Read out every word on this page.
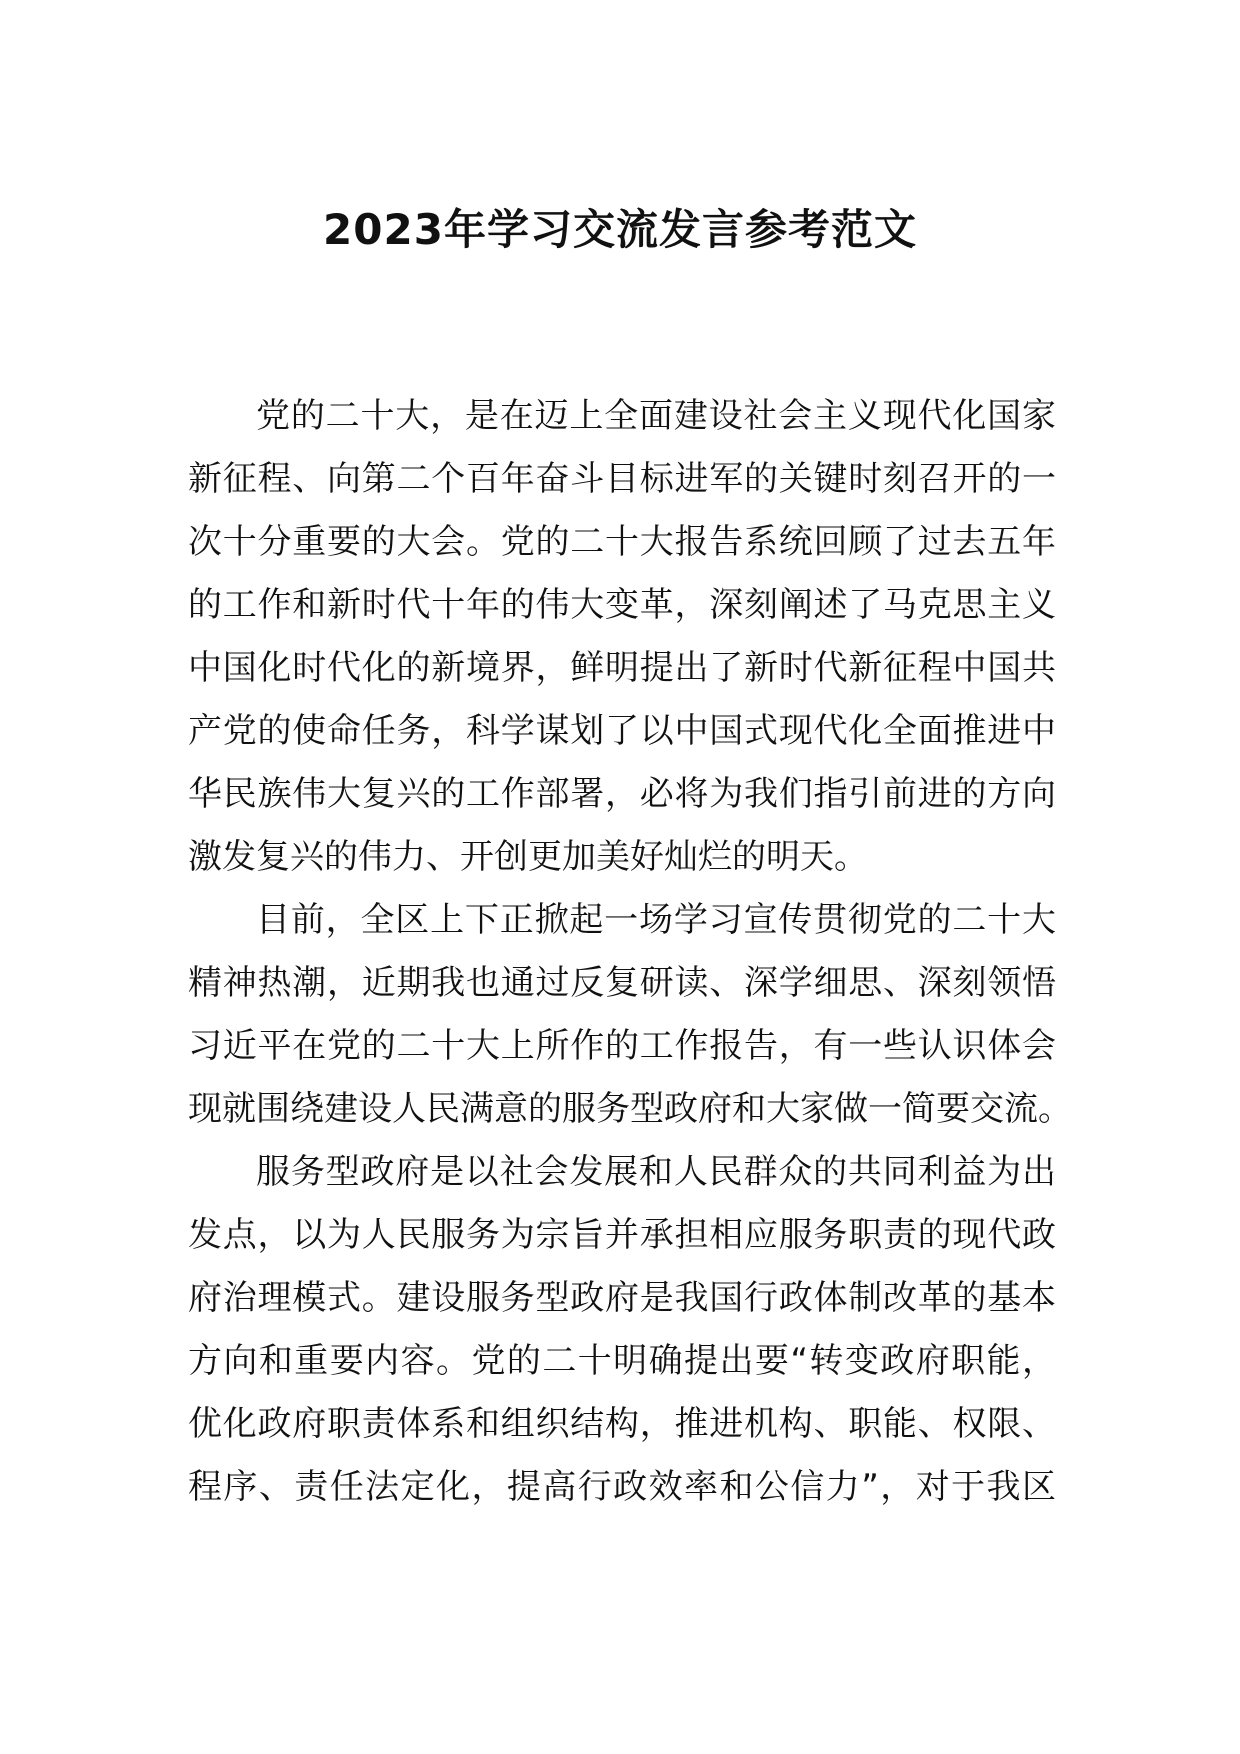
2023年学习交流发言参考范文
党的二十大，是在迈上全面建设社会主义现代化国家
新征程、向第二个百年奋斗目标进军的关键时刻召开的一
次十分重要的大会。党的二十大报告系统回顾了过去五年
的工作和新时代十年的伟大变革，深刻阐述了马克思主义
中国化时代化的新境界，鲜明提出了新时代新征程中国共
产党的使命任务，科学谋划了以中国式现代化全面推进中
华民族伟大复兴的工作部署，必将为我们指引前进的方向
激发复兴的伟力、开创更加美好灿烂的明天。
目前，全区上下正掀起一场学习宣传贯彻党的二十大
精神热潮，近期我也通过反复研读、深学细思、深刻领悟
习近平在党的二十大上所作的工作报告，有一些认识体会
现就围绕建设人民满意的服务型政府和大家做一简要交流。
服务型政府是以社会发展和人民群众的共同利益为出
发点，以为人民服务为宗旨并承担相应服务职责的现代政
府治理模式。建设服务型政府是我国行政体制改革的基本
方向和重要内容。党的二十明确提出要“转变政府职能，
优化政府职责体系和组织结构，推进机构、职能、权限、
程序、责任法定化，提高行政效率和公信力”，对于我区
